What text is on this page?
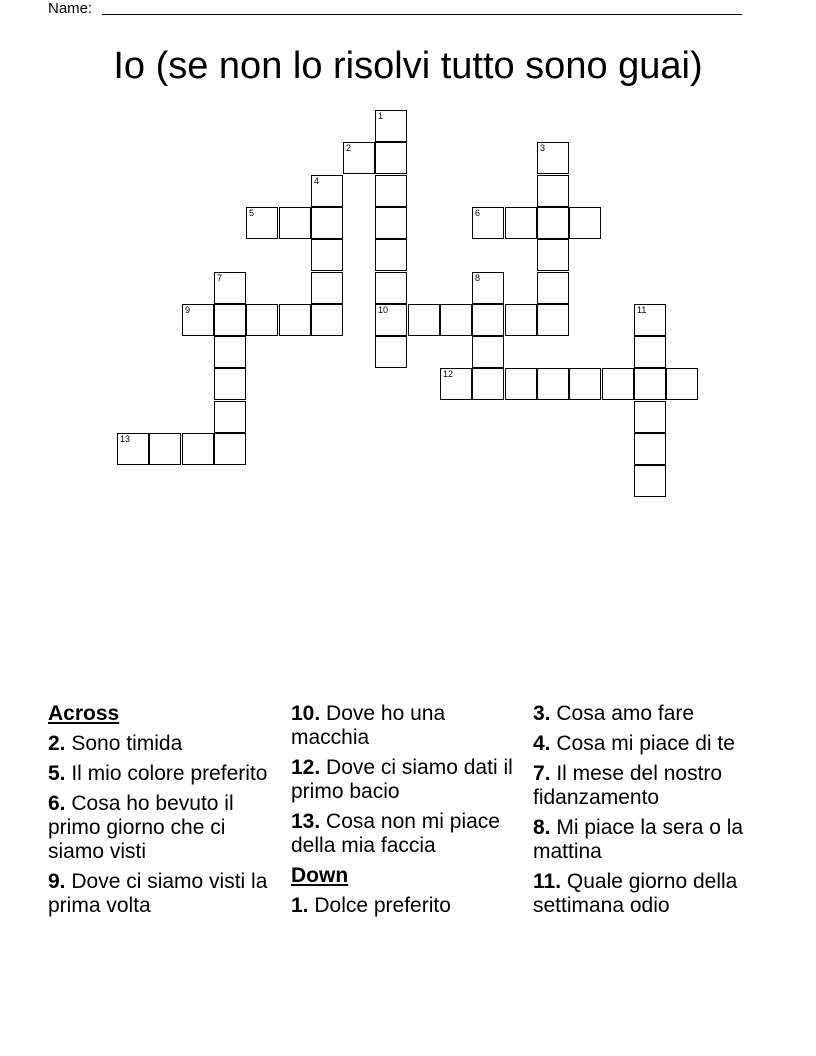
Name:
Io (se non lo risolvi tutto sono guai)
1
2	3
4
5	6
7	8
9	10	11
12
13
Across
2. Sono timida
5. Il mio colore preferito
6. Cosa ho bevuto il primo giorno che ci siamo visti
9. Dove ci siamo visti la prima volta
10. Dove ho una macchia
12. Dove ci siamo dati il primo bacio
13. Cosa non mi piace della mia faccia
Down
1. Dolce preferito
3. Cosa amo fare
4. Cosa mi piace di te
7. Il mese del nostro fidanzamento
8. Mi piace la sera o la mattina
11. Quale giorno della settimana odio
